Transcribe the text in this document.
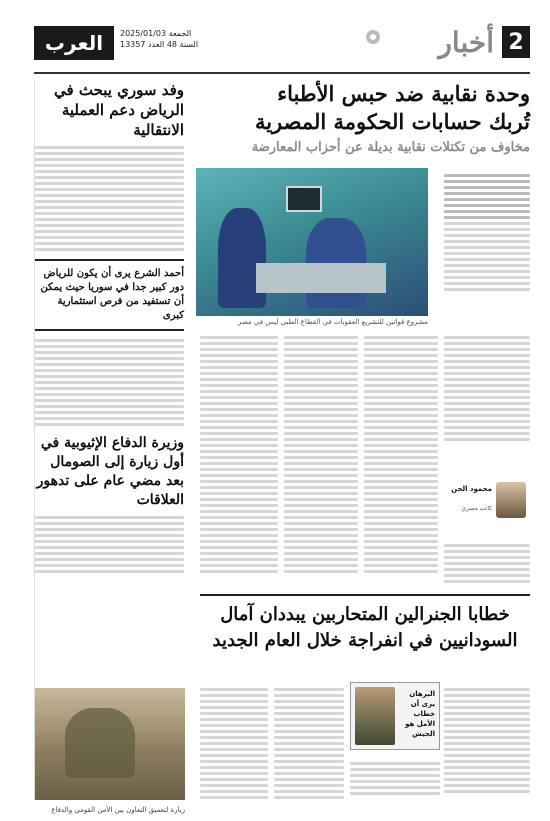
2
أخبار
العرب	الجمعة 2025/01/03
السنة 48 العدد 13357
وفد سوري يبحث في الرياض دعم العملية الانتقالية
أحمد الشرع يرى أن يكون للرياض دور كبير جدا في سوريا حيث يمكن أن تستفيد من فرص استثمارية كبرى
وزيرة الدفاع الإثيوبية في أول زيارة إلى الصومال بعد مضي عام على تدهور العلاقات
زيارة لتعميق التعاون بين الأمن القومي والدفاع
وحدة نقابية ضد حبس الأطباء
تُربك حسابات الحكومة المصرية
مخاوف من تكتلات نقابية بديلة عن أحزاب المعارضة
مشروع قوانين للتشريع العقوبات في القطاع الطبي ليس في مصر
محمود الجن
كاتب مصري
خطابا الجنرالين المتحاربين يبددان آمال
السودانيين في انفراجة خلال العام الجديد
البرهان يرى أن خطاب الأمل هو الجيش
